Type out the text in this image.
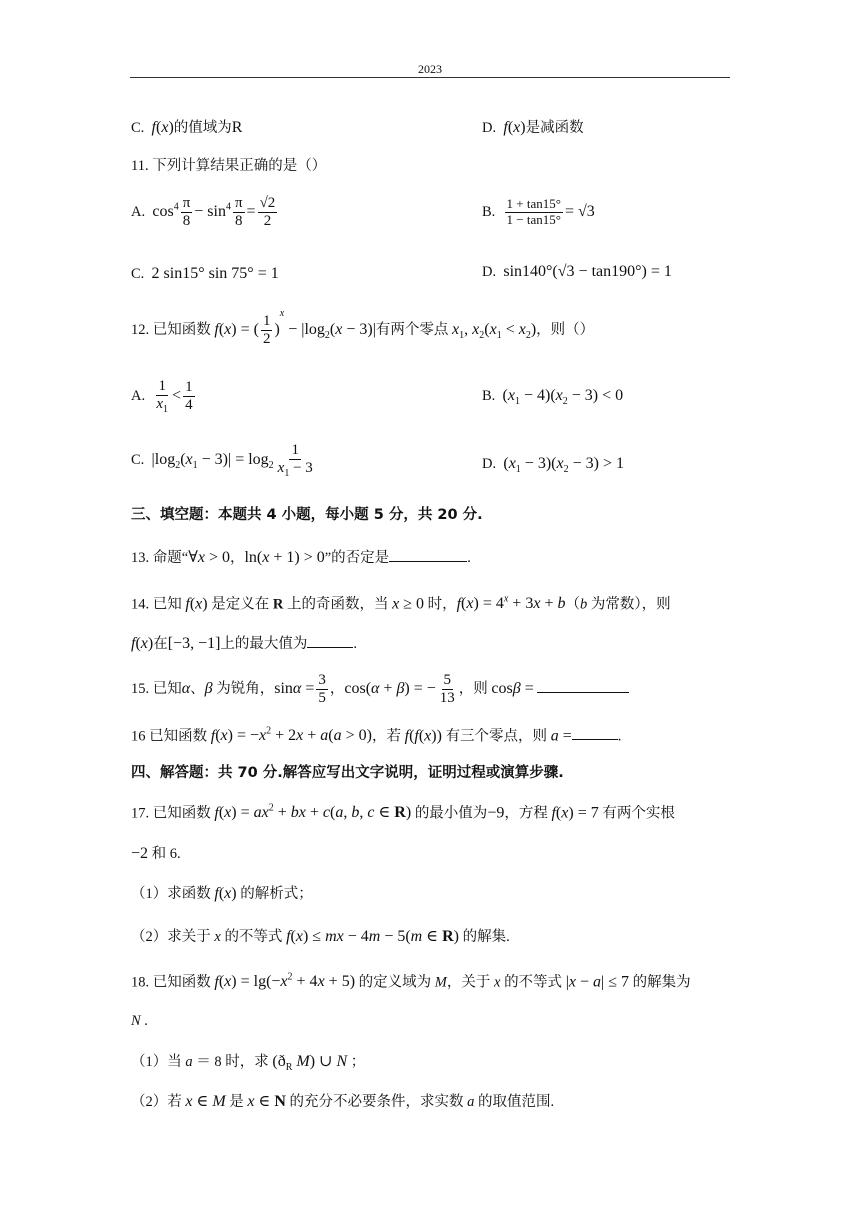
2023
C.  f(x)的值域为R	D.  f(x)是减函数
11. 下列计算结果正确的是（）
A.  $\cos^4 \frac{\pi}{8} - \sin^4 \frac{\pi}{8} = \frac{√2}{2}$	B. $\frac{1 + \tan 15^\circ}{1 - \tan 15^\circ} = √3$
C.  2 sin15° sin 75° = 1	D.  sin140°(√3 − tan190°) = 1
12. 已知函数 f(x) = ( $\frac{1}{2} )^x - |\log_2(x - 3)|$有两个零点 $x_1$, $x_2(x_1 < x_2)$，则（）
A. $\frac{1}{x_1} < \frac{1}{4}$	B.  $(x_1 - 4)(x_2 - 3) < 0$
C.  $|\log_2(x_1 - 3)| = \log_2 \frac{1}{x_1 - 3}$	D.  $(x_1 - 3)(x_2 - 3) > 1$
三、填空题：本题共 4 小题，每小题 5 分，共 20 分.
13. 命题“∀x > 0，ln(x + 1) > 0”的否定是	.
14. 已知 f(x) 是定义在 R 上的奇函数，当 x ≥ 0 时，$f(x) = 4^x + 3x + b(b$ 为常数），则
f(x)在[−3, −1]上的最大值为	.
15. 已知α、β 为锐角，$\sin\alpha = \frac{3}{5}$ ，cos(α + β) = − $\frac{5}{13}$ ，则 cosβ =
16 已知函数 $f(x) = -x^2 + 2x + a(a > 0)$，若 f(f(x)) 有三个零点，则 a =	.
四、解答题：共 70 分.解答应写出文字说明，证明过程或演算步骤.
17. 已知函数 $f(x) = ax^2$ + bx + c(a, b, c ∈ R) 的最小值为−9，方程 f(x) = 7 有两个实根
−2 和 6.
（1）求函数 f(x) 的解析式；
（2）求关于 x 的不等式 f(x) ≤ mx − 4m − 5(m ∈ R) 的解集.
18. 已知函数 $f(x) = \lg(-x^2 + 4x + 5)$ 的定义域为 M，关于 x 的不等式 |x − a| ≤ 7 的解集为
N .
（1）当 a ＝ 8 时，求 ($ð_R$ M) ∪ N ；
（2）若 x ∈ M 是 x ∈ N 的充分不必要条件，求实数 a 的取值范围.
